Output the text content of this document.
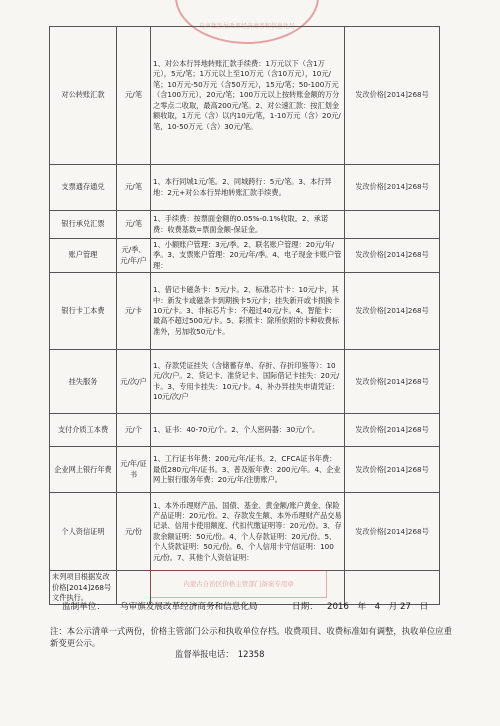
乌审旗发展改革经济商务和信息化局
对公转账汇款	元/笔	1、对公本行异地转账汇款手续费：1万元以下（含1万元），5元/笔；1万元以上至10万元（含10万元），10元/笔；10万元-50万元（含50万元），15元/笔；50-100万元（含100万元），20元/笔；100万元以上按转账金额的万分之零点二收取，最高200元/笔。2、对公速汇款：按汇划金额收取，1万元（含）以内10元/笔，1-10万元（含）20元/笔，10-50万元（含）30元/笔。	发改价格[2014]268号
支票通存通兑	元/笔	1、本行同城1元/笔。2、同城跨行：5元/笔。3、本行异地：2元+对公本行异地转账汇款手续费。	发改价格[2014]268号
银行承兑汇票	元/笔	1、手续费：按票面金额的0.05%-0.1%收取。2、承诺费：收费基数=票面金额-保证金。	
账户管理	元/季、元/年/户	1、小额账户管理：3元/季。2、联名账户管理：20元/年/季。3、支票账户管理：20元/年/季。4、电子现金卡账户管理：	发改价格[2014]268号
银行卡工本费	元/卡	1、借记卡磁条卡：5元/卡。2、标准芯片卡：10元/卡，其中：新发卡或磁条卡到期换卡5元/卡；挂失新开或卡损换卡10元/卡。3、非标芯片卡：不超过40元/卡。4、智能卡：最高不超过500元/卡。5、彩照卡：除所依附的卡种收费标准外，另加收50元/卡。	发改价格[2014]268号
挂失服务	元/次/户	1、存款凭证挂失（含储蓄存单、存折、存折印鉴等）：10元/次/户。2、贷记卡、准贷记卡、国际借记卡挂失：20元/卡。3、专用卡挂失：10元/卡。4、补办异挂失申请凭证：10元/次/户	发改价格[2014]268号
支付介质工本费	元/个	1、证书：40-70元/个。2、个人密码器：30元/个。	发改价格[2014]268号
企业网上银行年费	元/年/证书	1、工行证书年费：200元/年/证书。2、CFCA证书年费：最低280元/年/证书。3、普及版年费：200元/年。4、企业网上银行服务年费：20元/年/注册账户。	发改价格[2014]268号
个人资信证明	元/份	1、本外币理财产品、国债、基金、黄金额/账户黄金、保险产品证明：20元/份。2、存款发生额、本外币理财产品交易记录、信用卡使用额度、代扣代缴证明等：20元/份。3、存款余额证明：50元/份。4、个人存款证明：20元/份。5、个人贷款证明：50元/份。6、个人信用卡守信证明：100元/份。7、其他个人资信证明：	发改价格[2014]268号
未列项目根据发改价格[2014]268号文件执行。			
内蒙古自治区价格主管部门备案专用章
监制单位： 乌审旗发展改革经济商务和信息化局	日期： 2016　年　4　月 27　日
注：本公示清单一式两份，价格主管部门公示和执收单位存档。收费项目、收费标准如有调整，执收单位应重新变更公示。
监督举报电话：　12358
